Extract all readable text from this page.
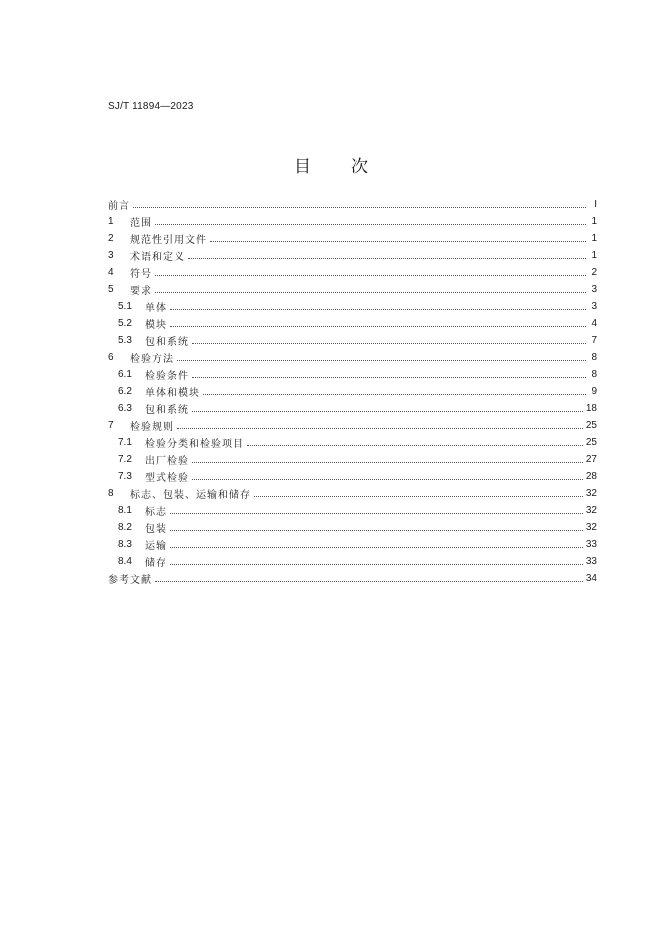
SJ/T 11894—2023
目 次
前言	I
1	范围	1
2	规范性引用文件	1
3	术语和定义	1
4	符号	2
5	要求	3
5.1	单体	3
5.2	模块	4
5.3	包和系统	7
6	检验方法	8
6.1	检验条件	8
6.2	单体和模块	9
6.3	包和系统	18
7	检验规则	25
7.1	检验分类和检验项目	25
7.2	出厂检验	27
7.3	型式检验	28
8	标志、包装、运输和储存	32
8.1	标志	32
8.2	包装	32
8.3	运输	33
8.4	储存	33
参考文献	34
